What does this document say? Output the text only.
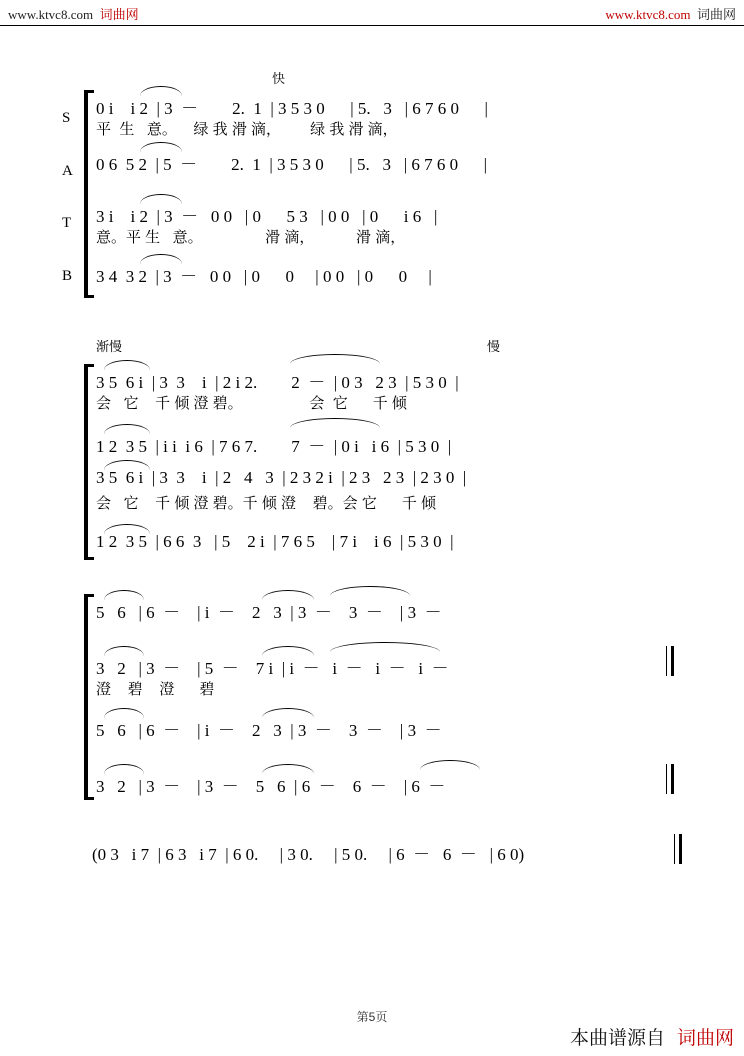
www.ktvc8.com 词曲网	www.ktvc8.com 词曲网
快
S
A
T
B
0 i    i 2  | 3  －        2.  1  | 3 5 3 0      | 5.   3   | 6 7 6 0      |
平  生   意。    绿 我 滑 滴，       绿 我 滑 滴，
0 6  5 2  | 5  －        2.  1  | 3 5 3 0      | 5.   3   | 6 7 6 0      |
3 i    i 2  | 3  －   0 0   | 0      5 3   | 0 0   | 0      i 6   |
意。平 生   意。               滑 滴，          滑 滴，
3 4  3 2  | 3  －   0 0   | 0      0     | 0 0   | 0      0     |
渐慢	慢
3 5  6 i  | 3  3    i  | 2 i 2.        2  －  | 0 3   2 3  | 5 3 0  |
会   它    千 倾 澄 碧。                会  它      千 倾
1 2  3 5  | i i  i 6  | 7 6 7.        7  －  | 0 i   i 6  | 5 3 0  |
3 5  6 i  | 3  3    i  | 2   4   3  | 2 3 2 i  | 2 3   2 3  | 2 3 0  |
会   它    千 倾 澄 碧。千 倾 澄    碧。会 它      千 倾
1 2  3 5  | 6 6  3   | 5    2 i  | 7 6 5    | 7 i    i 6  | 5 3 0  |
5   6   | 6  －    | i  －    2   3  | 3  －    3  －    | 3  －
3   2   | 3  －    | 5  －    7 i  | i  －   i  －   i  －   i  －
澄    碧    澄      碧
5   6   | 6  －    | i  －    2   3  | 3  －    3  －    | 3  －
3   2   | 3  －    | 3  －    5   6  | 6  －    6  －    | 6  －
(0 3   i 7  | 6 3   i 7  | 6 0.     | 3 0.     | 5 0.     | 6  －   6  －   | 6 0)
第5页
本曲谱源自 词曲网
